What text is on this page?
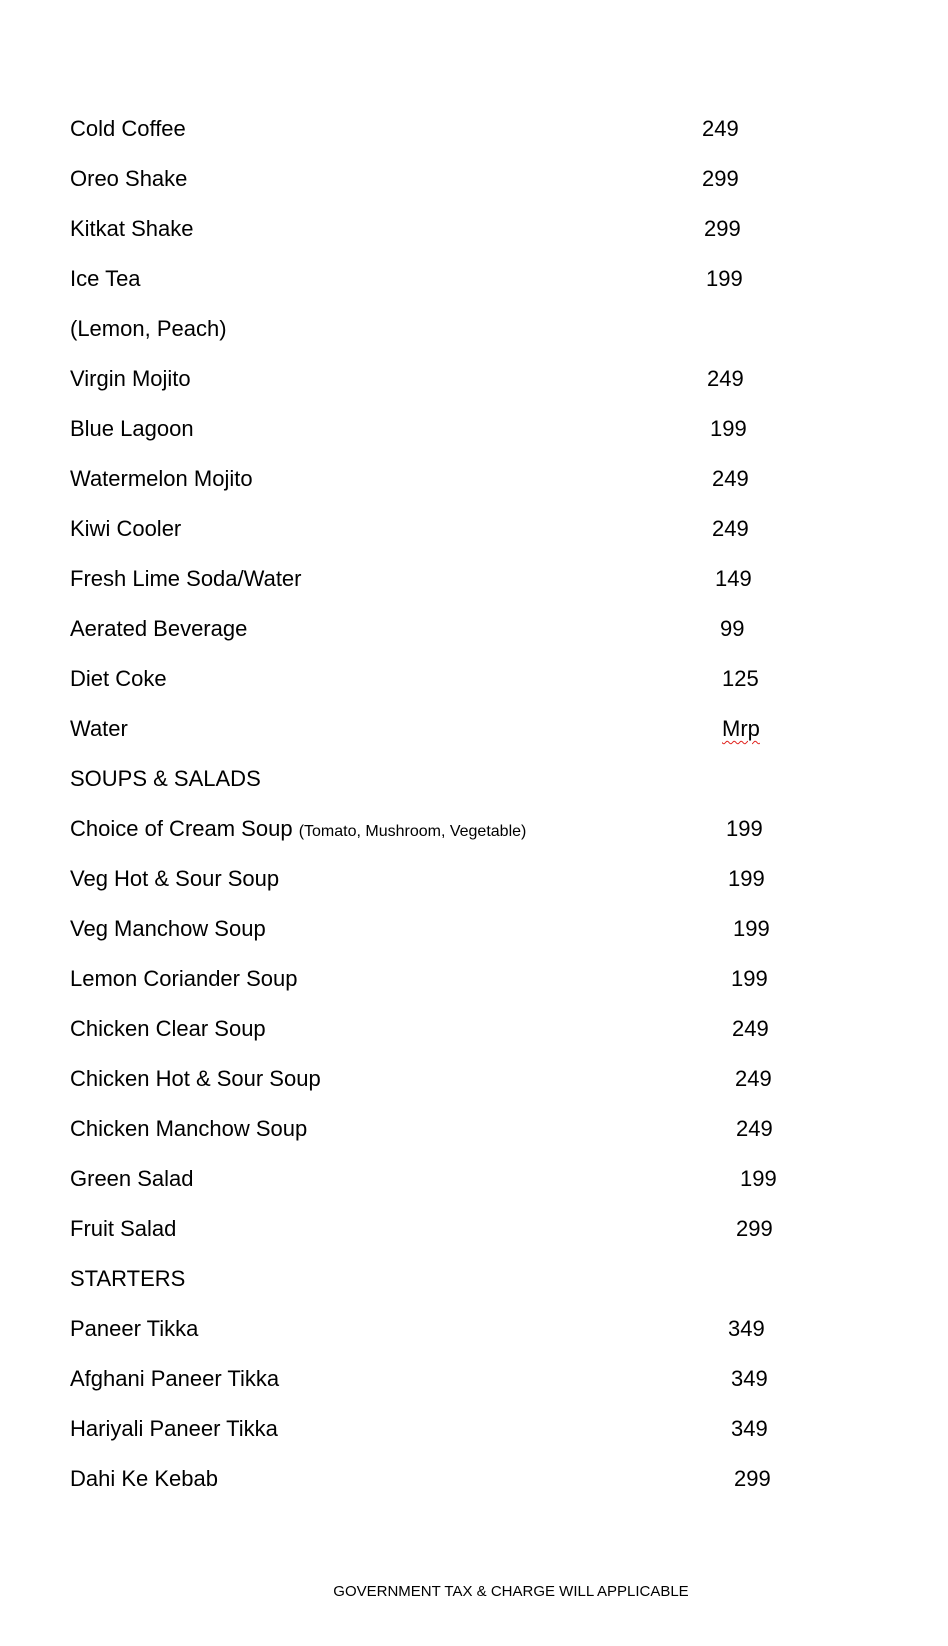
Cold Coffee	249
Oreo Shake	299
Kitkat Shake	299
Ice Tea	199
(Lemon, Peach)
Virgin Mojito	249
Blue Lagoon	199
Watermelon Mojito	249
Kiwi Cooler	249
Fresh Lime Soda/Water	149
Aerated Beverage	99
Diet Coke	125
Water	Mrp
SOUPS & SALADS
Choice of Cream Soup (Tomato, Mushroom, Vegetable)	199
Veg Hot & Sour Soup	199
Veg Manchow Soup	199
Lemon Coriander Soup	199
Chicken Clear Soup	249
Chicken Hot & Sour Soup	249
Chicken Manchow Soup	249
Green Salad	199
Fruit Salad	299
STARTERS
Paneer Tikka	349
Afghani Paneer Tikka	349
Hariyali Paneer Tikka	349
Dahi Ke Kebab	299
GOVERNMENT TAX & CHARGE WILL APPLICABLE
